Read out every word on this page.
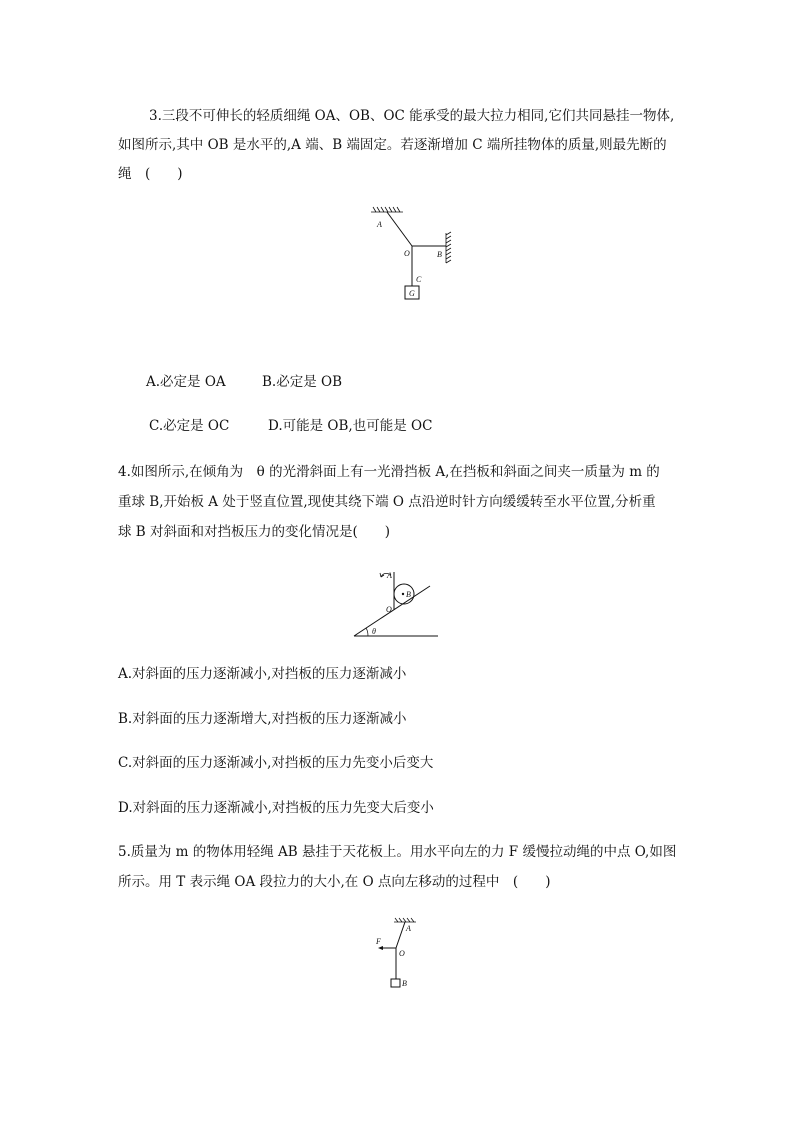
3.三段不可伸长的轻质细绳 OA、OB、OC 能承受的最大拉力相同,它们共同悬挂一物体,
如图所示,其中 OB 是水平的,A 端、B 端固定。若逐渐增加 C 端所挂物体的质量,则最先断的
绳　(　　)
A
O	B
C
G
A.必定是 OA	B.必定是 OB
C.必定是 OC	D.可能是 OB,也可能是 OC
4.如图所示,在倾角为　θ 的光滑斜面上有一光滑挡板 A,在挡板和斜面之间夹一质量为 m 的
重球 B,开始板 A 处于竖直位置,现使其绕下端 O 点沿逆时针方向缓缓转至水平位置,分析重
球 B 对斜面和对挡板压力的变化情况是(　　)
A
B
O
θ
A.对斜面的压力逐渐减小,对挡板的压力逐渐减小
B.对斜面的压力逐渐增大,对挡板的压力逐渐减小
C.对斜面的压力逐渐减小,对挡板的压力先变小后变大
D.对斜面的压力逐渐减小,对挡板的压力先变大后变小
5.质量为 m 的物体用轻绳 AB 悬挂于天花板上。用水平向左的力 F 缓慢拉动绳的中点 O,如图
所示。用 T 表示绳 OA 段拉力的大小,在 O 点向左移动的过程中　(　　)
A
F
O
B
